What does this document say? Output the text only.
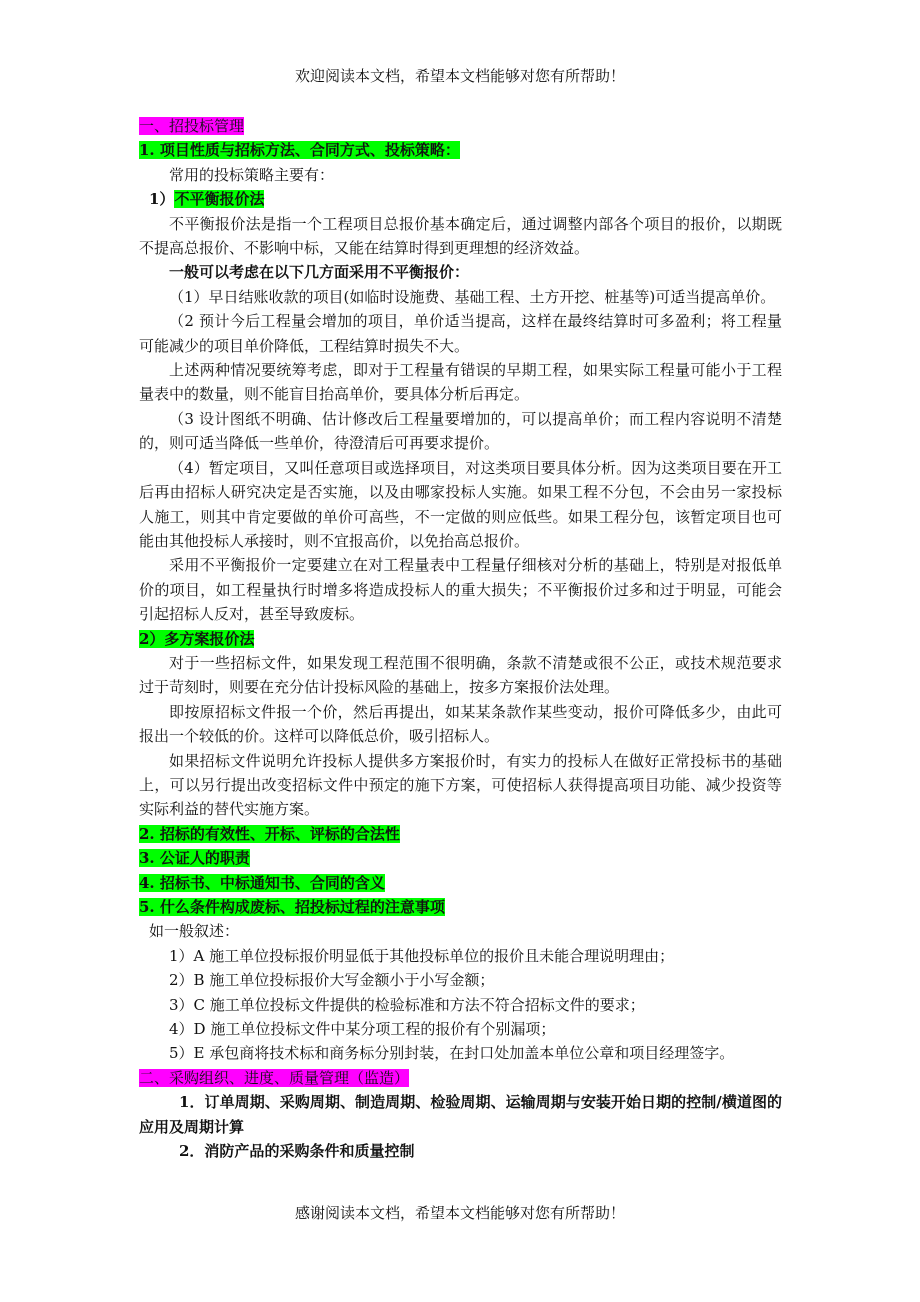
欢迎阅读本文档，希望本文档能够对您有所帮助！
一、招投标管理
1. 项目性质与招标方法、合同方式、投标策略：
常用的投标策略主要有：
1）不平衡报价法
不平衡报价法是指一个工程项目总报价基本确定后，通过调整内部各个项目的报价，以期既不提高总报价、不影响中标，又能在结算时得到更理想的经济效益。
一般可以考虑在以下几方面采用不平衡报价：
（1）早日结账收款的项目(如临时设施费、基础工程、土方开挖、桩基等)可适当提高单价。
（2 预计今后工程量会增加的项目，单价适当提高，这样在最终结算时可多盈利；将工程量可能减少的项目单价降低，工程结算时损失不大。
上述两种情况要统筹考虑，即对于工程量有错误的早期工程，如果实际工程量可能小于工程量表中的数量，则不能盲目抬高单价，要具体分析后再定。
（3 设计图纸不明确、估计修改后工程量要增加的，可以提高单价；而工程内容说明不清楚的，则可适当降低一些单价，待澄清后可再要求提价。
（4）暂定项目，又叫任意项目或选择项目，对这类项目要具体分析。因为这类项目要在开工后再由招标人研究决定是否实施，以及由哪家投标人实施。如果工程不分包，不会由另一家投标人施工，则其中肯定要做的单价可高些，不一定做的则应低些。如果工程分包，该暂定项目也可能由其他投标人承接时，则不宜报高价，以免抬高总报价。
采用不平衡报价一定要建立在对工程量表中工程量仔细核对分析的基础上，特别是对报低单价的项目，如工程量执行时增多将造成投标人的重大损失；不平衡报价过多和过于明显，可能会引起招标人反对，甚至导致废标。
2）多方案报价法
对于一些招标文件，如果发现工程范围不很明确，条款不清楚或很不公正，或技术规范要求过于苛刻时，则要在充分估计投标风险的基础上，按多方案报价法处理。
即按原招标文件报一个价，然后再提出，如某某条款作某些变动，报价可降低多少，由此可报出一个较低的价。这样可以降低总价，吸引招标人。
如果招标文件说明允许投标人提供多方案报价时，有实力的投标人在做好正常投标书的基础上，可以另行提出改变招标文件中预定的施下方案，可使招标人获得提高项目功能、减少投资等实际利益的替代实施方案。
2. 招标的有效性、开标、评标的合法性
3. 公证人的职责
4. 招标书、中标通知书、合同的含义
5. 什么条件构成废标、招投标过程的注意事项
如一般叙述：
1）A 施工单位投标报价明显低于其他投标单位的报价且未能合理说明理由；
2）B 施工单位投标报价大写金额小于小写金额；
3）C 施工单位投标文件提供的检验标准和方法不符合招标文件的要求；
4）D 施工单位投标文件中某分项工程的报价有个别漏项；
5）E 承包商将技术标和商务标分别封装，在封口处加盖本单位公章和项目经理签字。
二、采购组织、进度、质量管理（监造）
1．订单周期、采购周期、制造周期、检验周期、运输周期与安装开始日期的控制/横道图的应用及周期计算
2．消防产品的采购条件和质量控制
感谢阅读本文档，希望本文档能够对您有所帮助！
